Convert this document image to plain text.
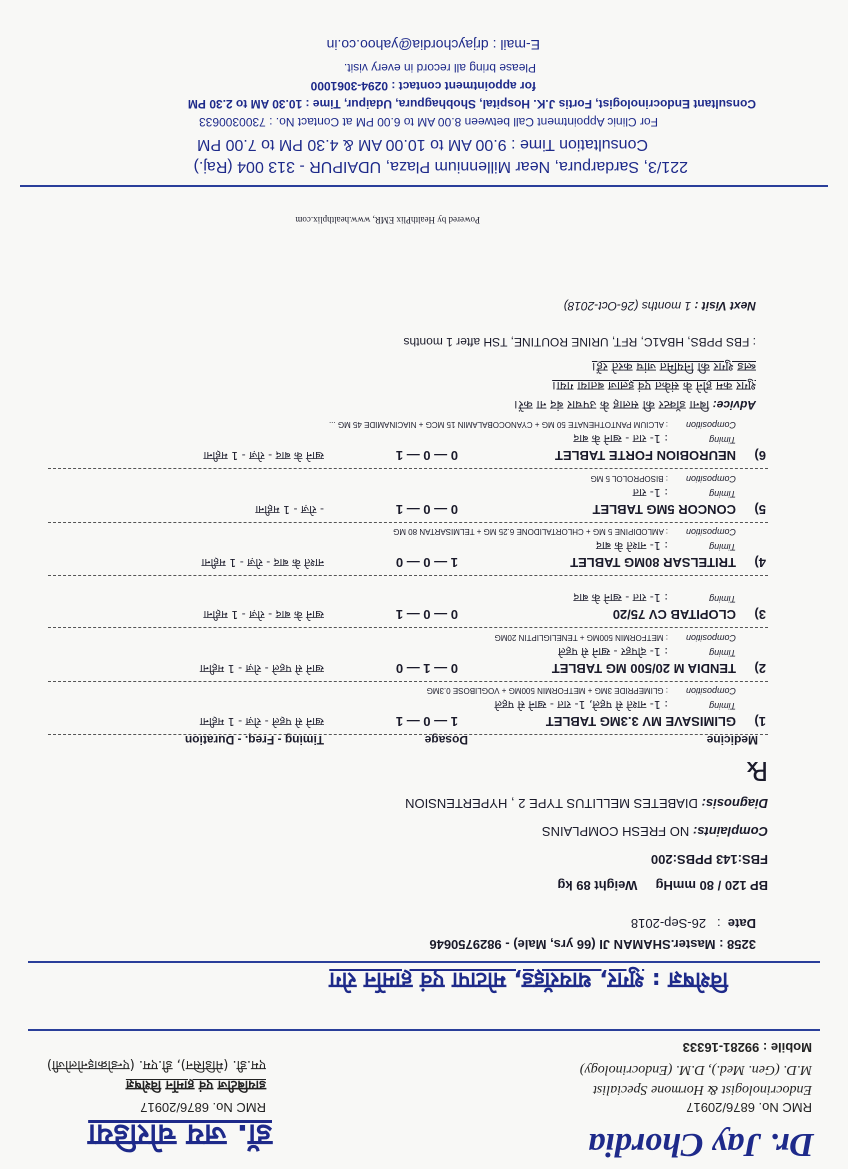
Dr. Jay Chordia
डॉ. जय चोरडिया
RMC No. 6876/20917
Endocrinologist & Hormone Specialist
M.D. (Gen. Med.), D.M. (Endocrinology)
Mobile : 99281-16333
RMC No. 6876/20917
डायबिटीज एवं हार्मोन विशेषज्ञ
एम.डी. (मेडिसिन), डी.एम. (एन्डोक्राइनोलोजी)
विशेषज्ञ : शुगर, थायरॉइड, मोटापा एवं हार्मोन रोग
3258 : Master.SHAMAN JI (66 yrs, Male) - 9829750646
Date  :   26-Sep-2018
BP 120 / 80 mmHg     Weight 89 kg
FBS:143 PPBS:200
Complaints: NO FRESH COMPLAINS
Diagnosis: DIABETES MELLITUS TYPE 2 , HYPERTENSION
℞
Medicine
Dosage
Timing - Freq. - Duration
1)
GLIMISAVE MV 3.3MG TABLET
1 — 0 — 1
खाने से पहले - रोज़ - 1 महीना
Timing
: 1- नाश्ते से पहले, 1- रात - खाने से पहले
Composition
: GLIMEPRIDE 3MG + METFORMIN 500MG + VOGLIBOSE 0.3MG
2)
TENDIA M 20/500 MG TABLET
0 — 1 — 0
खाने से पहले - रोज़ - 1 महीना
Timing
: 1- दोपहर - खाने से पहले
Composition
: METFORMIN 500MG + TENELIGLIPTIN 20MG
3)
CLOPITAB CV 75/20
0 — 0 — 1
खाने के बाद - रोज़ - 1 महीना
Timing
: 1- रात - खाने के बाद
4)
TRITELSAR 80MG TABLET
1 — 0 — 0
नाश्ते के बाद - रोज़ - 1 महीना
Timing
: 1- नाश्ते के बाद
Composition
: AMLODIPINE 5 MG + CHLORTALIDONE 6.25 MG + TELMISARTAN 80 MG
5)
CONCOR 5MG TABLET
0 — 0 — 1
- रोज़ - 1 महीना
Timing
: 1- रात
Composition
: BISOPROLOL 5 MG
6)
NEUROBION FORTE TABLET
0 — 0 — 1
खाने के बाद - रोज़ - 1 महीना
Timing
: 1- रात - खाने के बाद
Composition
: ALCIUM PANTOTHENATE 50 MG + CYANOCOBALAMIN 15 MCG + NIACINAMIDE 45 MG ...
Advice: बिना डॉक्टर की सलाह के उपचार बंद ना करें।
शुगर कम होने के संकेत एवं इलाज बताया गया।
ब्लड शुगर की नियमित जांच करते रहें।
: FBS PPBS, HBA1C, RFT, URINE ROUTINE, TSH after 1 months
Next Visit : 1 months (26-Oct-2018)
Powered by HealthPlix EMR, www.healthplix.com
221/3, Sardarpura, Near Millennium Plaza, UDAIPUR - 313 004 (Raj.)
Consultation Time : 9.00 AM to 10.00 AM & 4.30 PM to 7.00 PM
For Clinic Appointment Call between 8.00 AM to 6.00 PM at Contact No. : 7300300633
Consultant Endocrinologist, Fortis J.K. Hospital, Shobhagpura, Udaipur, Time : 10.30 AM to 2.30 PM
for appointment contact : 0294-3061000
Please bring all record in every visit.
E-mail : drjaychordia@yahoo.co.in
